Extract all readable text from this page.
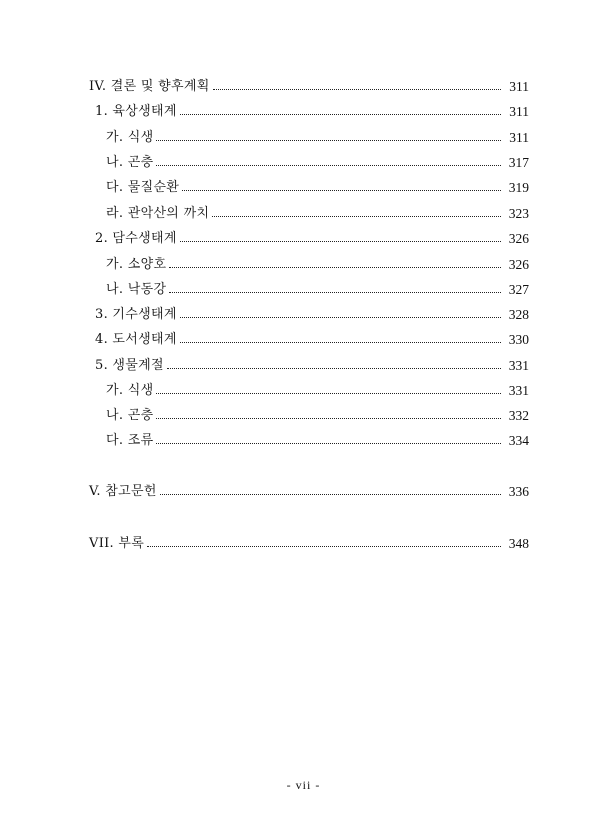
IV. 결론 및 향후계획	311
1. 육상생태계	311
가. 식생	311
나. 곤충	317
다. 물질순환	319
라. 관악산의 까치	323
2. 담수생태계	326
가. 소양호	326
나. 낙동강	327
3. 기수생태계	328
4. 도서생태계	330
5. 생물계절	331
가. 식생	331
나. 곤충	332
다. 조류	334
V. 참고문헌	336
VII. 부록	348
- vii -
